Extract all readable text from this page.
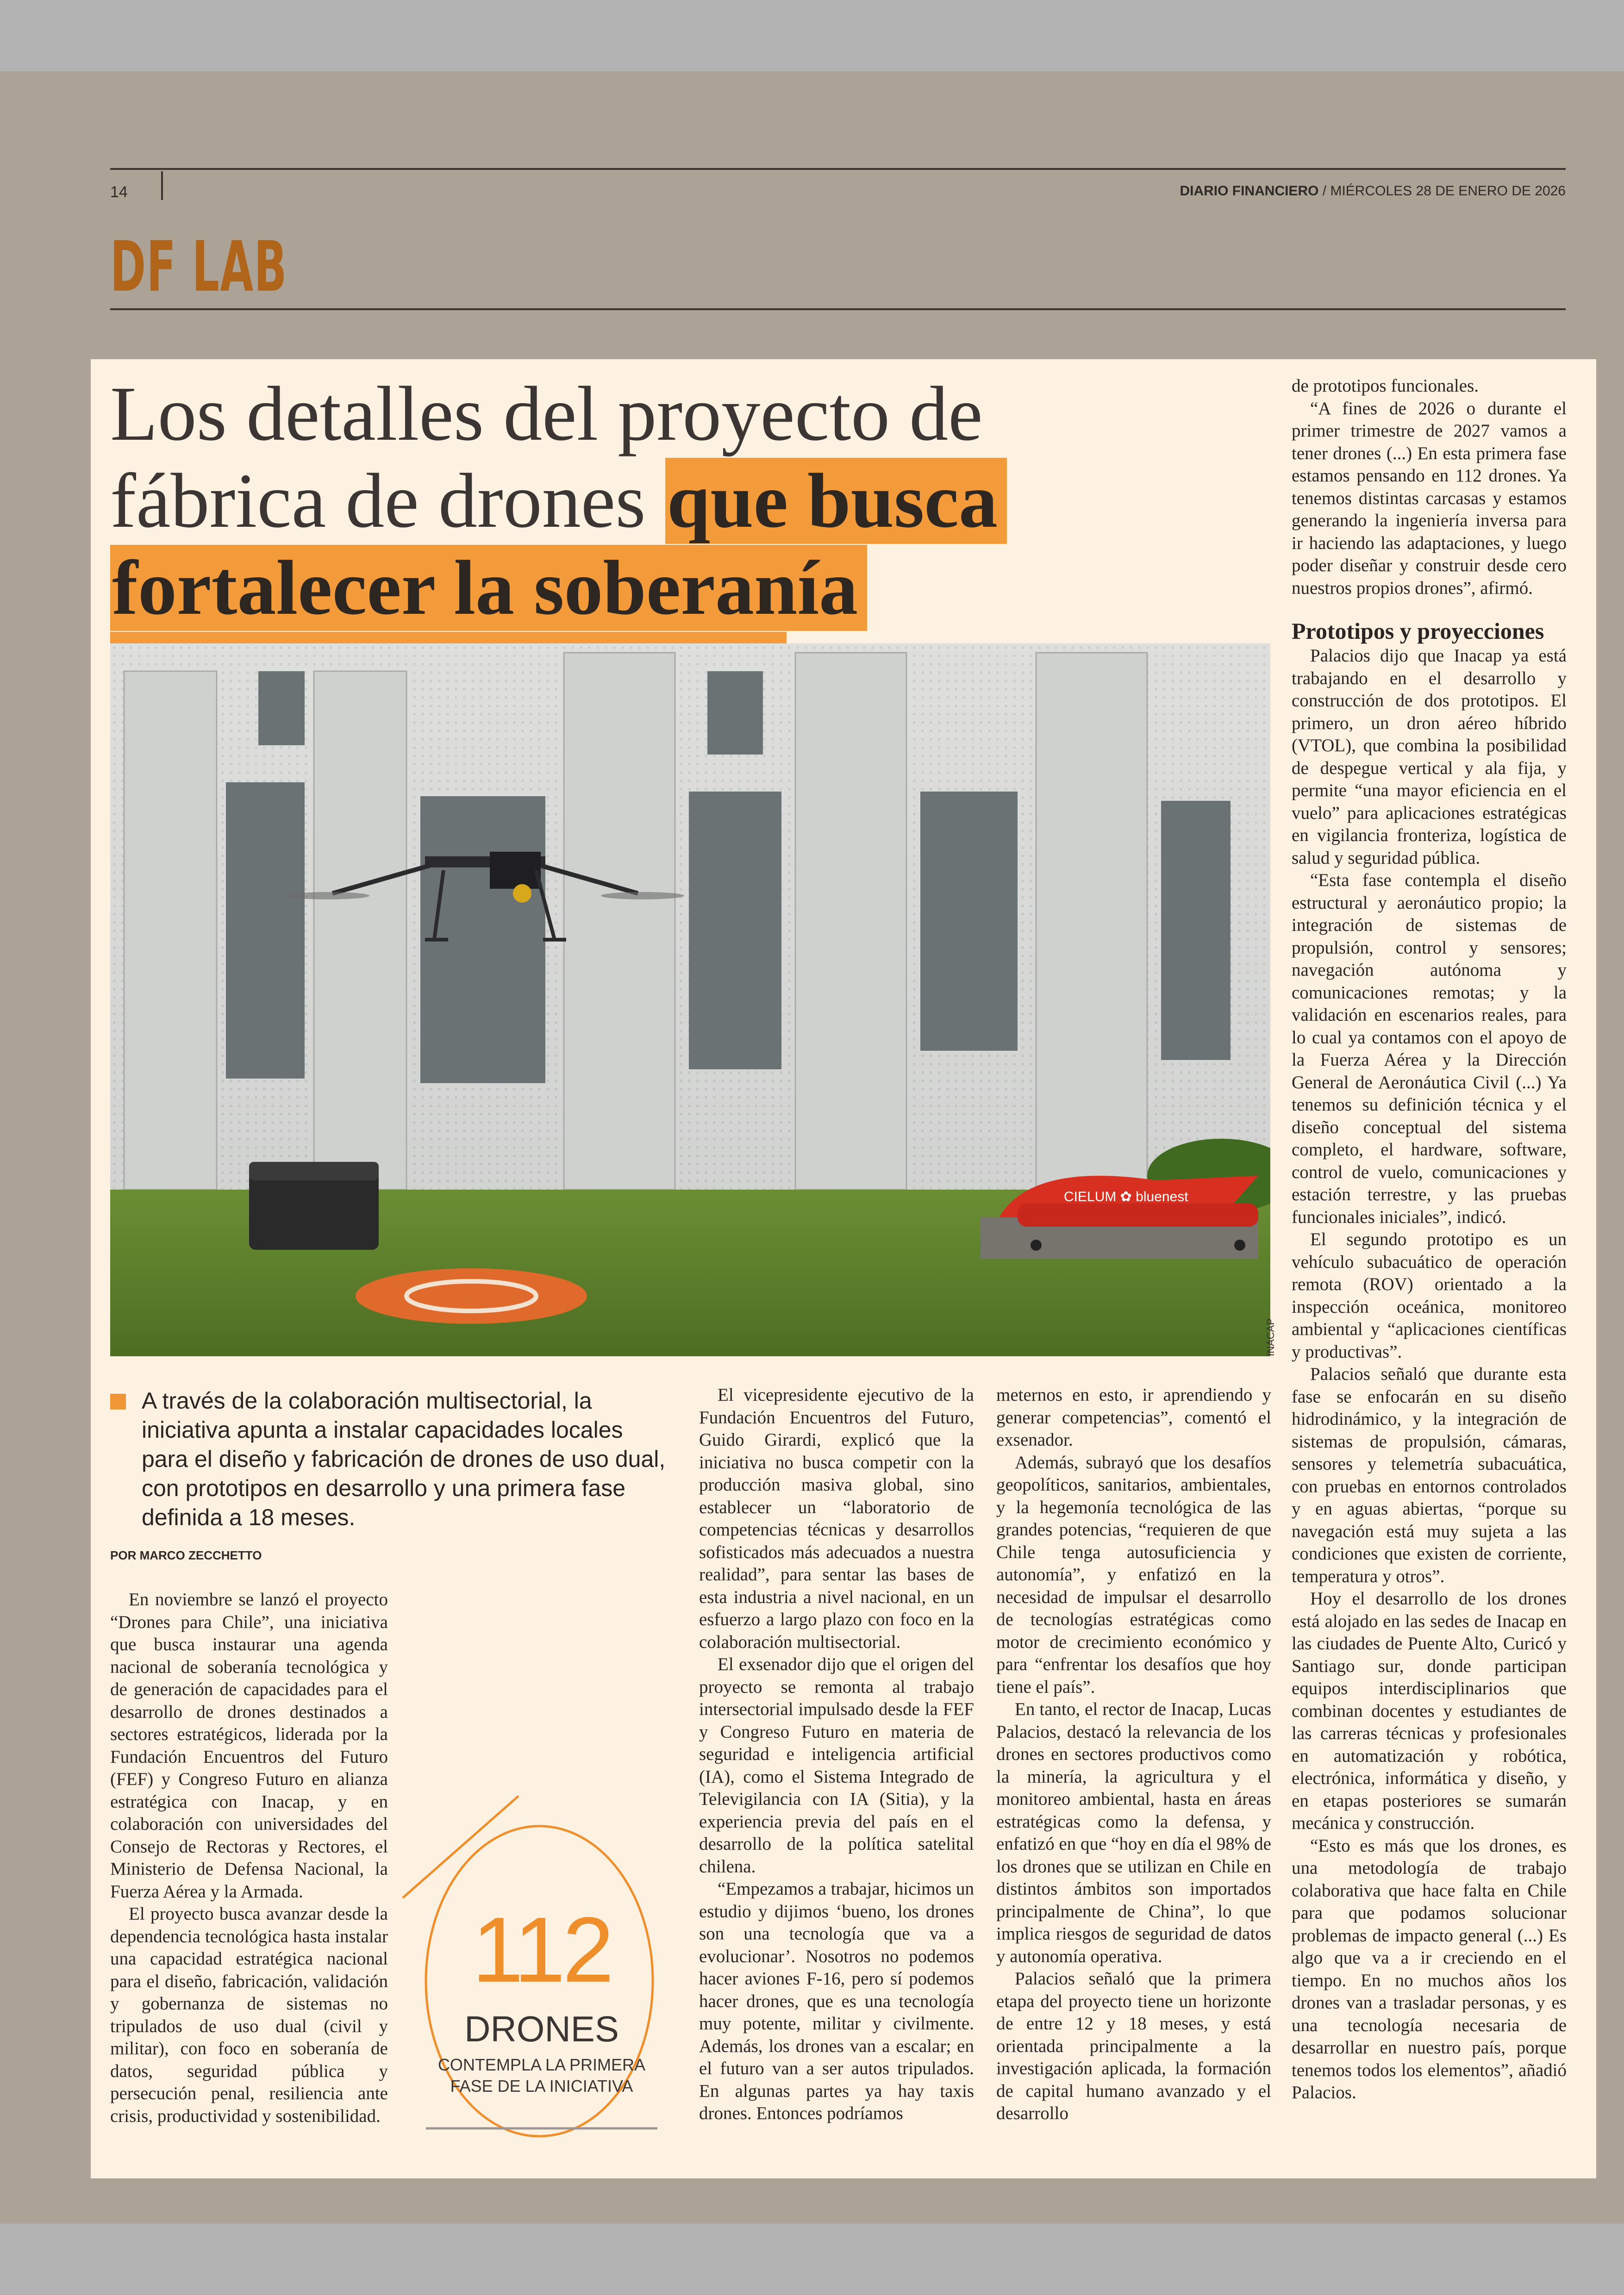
14	DIARIO FINANCIERO / MIÉRCOLES 28 DE ENERO DE 2026
DF LAB
Los detalles del proyecto de fábrica de drones que busca
fortalecer la soberanía

CIELUM ✿ bluenest
INACAP
A través de la colaboración multisectorial, la iniciativa apunta a instalar capacidades locales para el diseño y fabricación de drones de uso dual, con prototipos en desarrollo y una primera fase definida a 18 meses.
POR MARCO ZECCHETTO

En noviembre se lanzó el proyecto “Drones para Chile”, una iniciativa que busca instaurar una agenda nacional de soberanía tecnológica y de generación de capacidades para el desarrollo de drones destinados a sectores estratégicos, liderada por la Fundación Encuentros del Futuro (FEF) y Congreso Futuro en alianza estratégica con Inacap, y en colaboración con universidades del Consejo de Rectoras y Rectores, el Ministerio de Defensa Nacional, la Fuerza Aérea y la Armada.

El proyecto busca avanzar desde la dependencia tecnológica hasta instalar una capacidad estratégica nacional para el diseño, fabricación, validación y gobernanza de sistemas no tripulados de uso dual (civil y militar), con foco en soberanía de datos, seguridad pública y persecución penal, resiliencia ante crisis, productividad y sostenibilidad.

112
DRONES
CONTEMPLA LA PRIMERA FASE DE LA INICIATIVA

El vicepresidente ejecutivo de la Fundación Encuentros del Futuro, Guido Girardi, explicó que la iniciativa no busca competir con la producción masiva global, sino establecer un “laboratorio de competencias técnicas y desarrollos sofisticados más adecuados a nuestra realidad”, para sentar las bases de esta industria a nivel nacional, en un esfuerzo a largo plazo con foco en la colaboración multisectorial.

El exsenador dijo que el origen del proyecto se remonta al trabajo intersectorial impulsado desde la FEF y Congreso Futuro en materia de seguridad e inteligencia artificial (IA), como el Sistema Integrado de Televigilancia con IA (Sitia), y la experiencia previa del país en el desarrollo de la política satelital chilena.

“Empezamos a trabajar, hicimos un estudio y dijimos ‘bueno, los drones son una tecnología que va a evolucionar’. Nosotros no podemos hacer aviones F-16, pero sí podemos hacer drones, que es una tecnología muy potente, militar y civilmente. Además, los drones van a escalar; en el futuro van a ser autos tripulados. En algunas partes ya hay taxis drones. Entonces podríamos

meternos en esto, ir aprendiendo y generar competencias”, comentó el exsenador.

Además, subrayó que los desafíos geopolíticos, sanitarios, ambientales, y la hegemonía tecnológica de las grandes potencias, “requieren de que Chile tenga autosuficiencia y autonomía”, y enfatizó en la necesidad de impulsar el desarrollo de tecnologías estratégicas como motor de crecimiento económico y para “enfrentar los desafíos que hoy tiene el país”.

En tanto, el rector de Inacap, Lucas Palacios, destacó la relevancia de los drones en sectores productivos como la minería, la agricultura y el monitoreo ambiental, hasta en áreas estratégicas como la defensa, y enfatizó en que “hoy en día el 98% de los drones que se utilizan en Chile en distintos ámbitos son importados principalmente de China”, lo que implica riesgos de seguridad de datos y autonomía operativa.

Palacios señaló que la primera etapa del proyecto tiene un horizonte de entre 12 y 18 meses, y está orientada principalmente a la investigación aplicada, la formación de capital humano avanzado y el desarrollo

de prototipos funcionales.

“A fines de 2026 o durante el primer trimestre de 2027 vamos a tener drones (...) En esta primera fase estamos pensando en 112 drones. Ya tenemos distintas carcasas y estamos generando la ingeniería inversa para ir haciendo las adaptaciones, y luego poder diseñar y construir desde cero nuestros propios drones”, afirmó.

Prototipos y proyecciones

Palacios dijo que Inacap ya está trabajando en el desarrollo y construcción de dos prototipos. El primero, un dron aéreo híbrido (VTOL), que combina la posibilidad de despegue vertical y ala fija, y permite “una mayor eficiencia en el vuelo” para aplicaciones estratégicas en vigilancia fronteriza, logística de salud y seguridad pública.

“Esta fase contempla el diseño estructural y aeronáutico propio; la integración de sistemas de propulsión, control y sensores; navegación autónoma y comunicaciones remotas; y la validación en escenarios reales, para lo cual ya contamos con el apoyo de la Fuerza Aérea y la Dirección General de Aeronáutica Civil (...) Ya tenemos su definición técnica y el diseño conceptual del sistema completo, el hardware, software, control de vuelo, comunicaciones y estación terrestre, y las pruebas funcionales iniciales”, indicó.

El segundo prototipo es un vehículo subacuático de operación remota (ROV) orientado a la inspección oceánica, monitoreo ambiental y “aplicaciones científicas y productivas”.

Palacios señaló que durante esta fase se enfocarán en su diseño hidrodinámico, y la integración de sistemas de propulsión, cámaras, sensores y telemetría subacuática, con pruebas en entornos controlados y en aguas abiertas, “porque su navegación está muy sujeta a las condiciones que existen de corriente, temperatura y otros”.

Hoy el desarrollo de los drones está alojado en las sedes de Inacap en las ciudades de Puente Alto, Curicó y Santiago sur, donde participan equipos interdisciplinarios que combinan docentes y estudiantes de las carreras técnicas y profesionales en automatización y robótica, electrónica, informática y diseño, y en etapas posteriores se sumarán mecánica y construcción.

“Esto es más que los drones, es una metodología de trabajo colaborativa que hace falta en Chile para que podamos solucionar problemas de impacto general (...) Es algo que va a ir creciendo en el tiempo. En no muchos años los drones van a trasladar personas, y es una tecnología necesaria de desarrollar en nuestro país, porque tenemos todos los elementos”, añadió Palacios.
